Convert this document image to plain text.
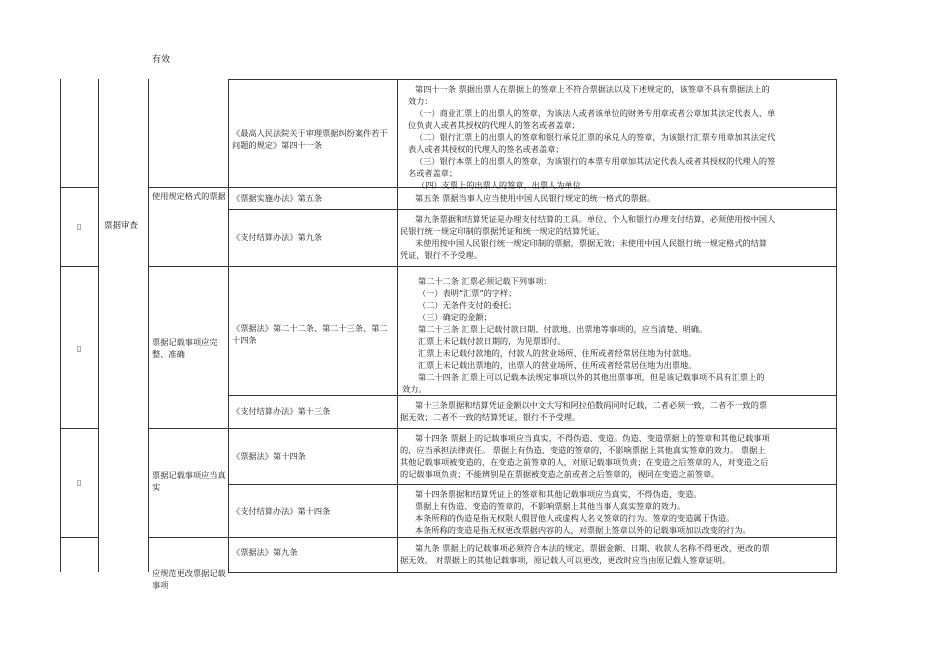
有效
▯
▯
▯
票据审查
《最高人民法院关于审理票据纠纷案件若干问题的规定》第四十一条

第四十一条 票据出票人在票据上的签章上不符合票据法以及下述规定的，该签章不具有票据法上的

效力：

（一）商业汇票上的出票人的签章，为该法人或者该单位的财务专用章或者公章加其法定代表人、单

位负责人或者其授权的代理人的签名或者盖章；

（二）银行汇票上的出票人的签章和银行承兑汇票的承兑人的签章，为该银行汇票专用章加其法定代

表人或者其授权的代理人的签名或者盖章；

（三）银行本票上的出票人的签章，为该银行的本票专用章加其法定代表人或者其授权的代理人的签

名或者盖章；

（四）支票上的出票人的签章，出票人为单位

使用规定格式的票据 《票据实施办法》第五条	第五条 票据当事人应当使用中国人民银行规定的统一格式的票据。

《支付结算办法》第九条

第九条票据和结算凭证是办理支付结算的工具。单位、个人和银行办理支付结算，必须使用按中国人

民银行统一规定印制的票据凭证和统一规定的结算凭证。

未使用按中国人民银行统一规定印制的票据，票据无效；未使用中国人民银行统一规定格式的结算

凭证，银行不予受理。

票据记载事项应完整、准确
《票据法》第二十二条、第二十三条、第二十四条

第二十二条 汇票必须记载下列事项：

（一）表明“汇票”的字样；

（二）无条件支付的委托；

（三）确定的金额；

第二十三条 汇票上记载付款日期、付款地、出票地等事项的，应当清楚、明确。

汇票上未记载付款日期的，为见票即付。

汇票上未记载付款地的，付款人的营业场所、住所或者经常居住地为付款地。

汇票上未记载出票地的，出票人的营业场所、住所或者经常居住地为出票地。

第二十四条 汇票上可以记载本法规定事项以外的其他出票事项，但是该记载事项不具有汇票上的

效力。

《支付结算办法》第十三条

第十三条票据和结算凭证金额以中文大写和阿拉伯数码同时记载，二者必须一致，二者不一致的票

据无效；二者不一致的结算凭证，银行不予受理。

票据记载事项应当真实
《票据法》第十四条

第十四条 票据上的记载事项应当真实，不得伪造、变造。伪造、变造票据上的签章和其他记载事项

的，应当承担法律责任。 票据上有伪造、变造的签章的，不影响票据上其他真实签章的效力。 票据上

其他记载事项被变造的，在变造之前签章的人，对原记载事项负责；在变造之后签章的人，对变造之后

的记载事项负责；不能辨别是在票据被变造之前或者之后签章的，视同在变造之前签章。

《支付结算办法》第十四条

第十四条票据和结算凭证上的签章和其他记载事项应当真实，不得伪造、变造。

票据上有伪造、变造的签章的，不影响票据上其他当事人真实签章的效力。

本条所称的伪造是指无权限人假冒他人或虚构人名义签章的行为。签章的变造属于伪造。

本条所称的变造是指无权更改票据内容的人，对票据上签章以外的记载事项加以改变的行为。

应规范更改票据记载事项
《票据法》第九条	第九条 票据上的记载事项必须符合本法的规定。票据金额、日期、收款人名称不得更改，更改的票

据无效。 对票据上的其他记载事项，原记载人可以更改，更改时应当由原记载人签章证明。
